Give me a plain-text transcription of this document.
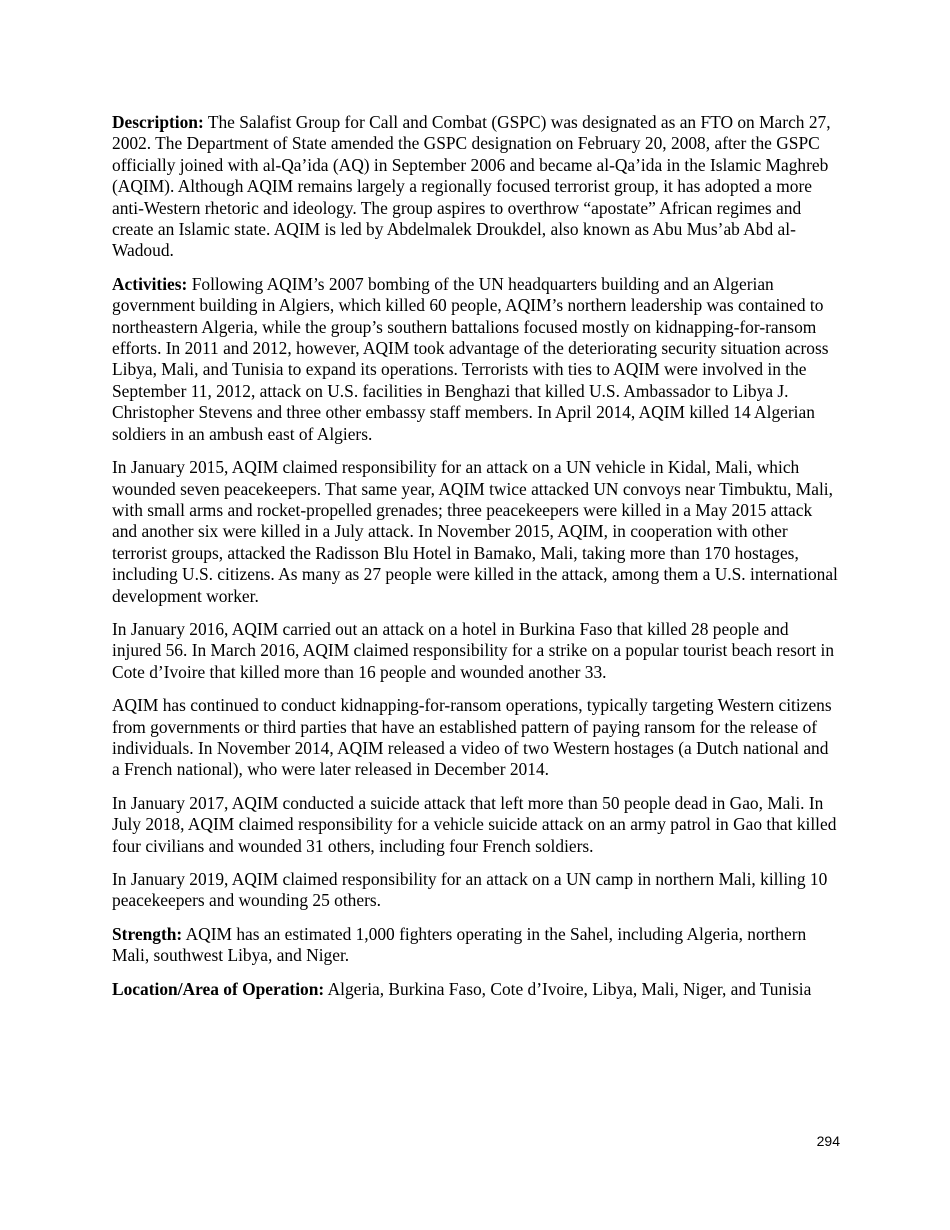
Description: The Salafist Group for Call and Combat (GSPC) was designated as an FTO on March 27, 2002. The Department of State amended the GSPC designation on February 20, 2008, after the GSPC officially joined with al-Qa’ida (AQ) in September 2006 and became al-Qa’ida in the Islamic Maghreb (AQIM). Although AQIM remains largely a regionally focused terrorist group, it has adopted a more anti-Western rhetoric and ideology. The group aspires to overthrow “apostate” African regimes and create an Islamic state. AQIM is led by Abdelmalek Droukdel, also known as Abu Mus’ab Abd al-Wadoud.

Activities: Following AQIM’s 2007 bombing of the UN headquarters building and an Algerian government building in Algiers, which killed 60 people, AQIM’s northern leadership was contained to northeastern Algeria, while the group’s southern battalions focused mostly on kidnapping-for-ransom efforts. In 2011 and 2012, however, AQIM took advantage of the deteriorating security situation across Libya, Mali, and Tunisia to expand its operations. Terrorists with ties to AQIM were involved in the September 11, 2012, attack on U.S. facilities in Benghazi that killed U.S. Ambassador to Libya J. Christopher Stevens and three other embassy staff members. In April 2014, AQIM killed 14 Algerian soldiers in an ambush east of Algiers.

In January 2015, AQIM claimed responsibility for an attack on a UN vehicle in Kidal, Mali, which wounded seven peacekeepers. That same year, AQIM twice attacked UN convoys near Timbuktu, Mali, with small arms and rocket-propelled grenades; three peacekeepers were killed in a May 2015 attack and another six were killed in a July attack. In November 2015, AQIM, in cooperation with other terrorist groups, attacked the Radisson Blu Hotel in Bamako, Mali, taking more than 170 hostages, including U.S. citizens. As many as 27 people were killed in the attack, among them a U.S. international development worker.

In January 2016, AQIM carried out an attack on a hotel in Burkina Faso that killed 28 people and injured 56. In March 2016, AQIM claimed responsibility for a strike on a popular tourist beach resort in Cote d’Ivoire that killed more than 16 people and wounded another 33.

AQIM has continued to conduct kidnapping-for-ransom operations, typically targeting Western citizens from governments or third parties that have an established pattern of paying ransom for the release of individuals. In November 2014, AQIM released a video of two Western hostages (a Dutch national and a French national), who were later released in December 2014.

In January 2017, AQIM conducted a suicide attack that left more than 50 people dead in Gao, Mali. In July 2018, AQIM claimed responsibility for a vehicle suicide attack on an army patrol in Gao that killed four civilians and wounded 31 others, including four French soldiers.

In January 2019, AQIM claimed responsibility for an attack on a UN camp in northern Mali, killing 10 peacekeepers and wounding 25 others.

Strength: AQIM has an estimated 1,000 fighters operating in the Sahel, including Algeria, northern Mali, southwest Libya, and Niger.

Location/Area of Operation: Algeria, Burkina Faso, Cote d’Ivoire, Libya, Mali, Niger, and Tunisia

294
